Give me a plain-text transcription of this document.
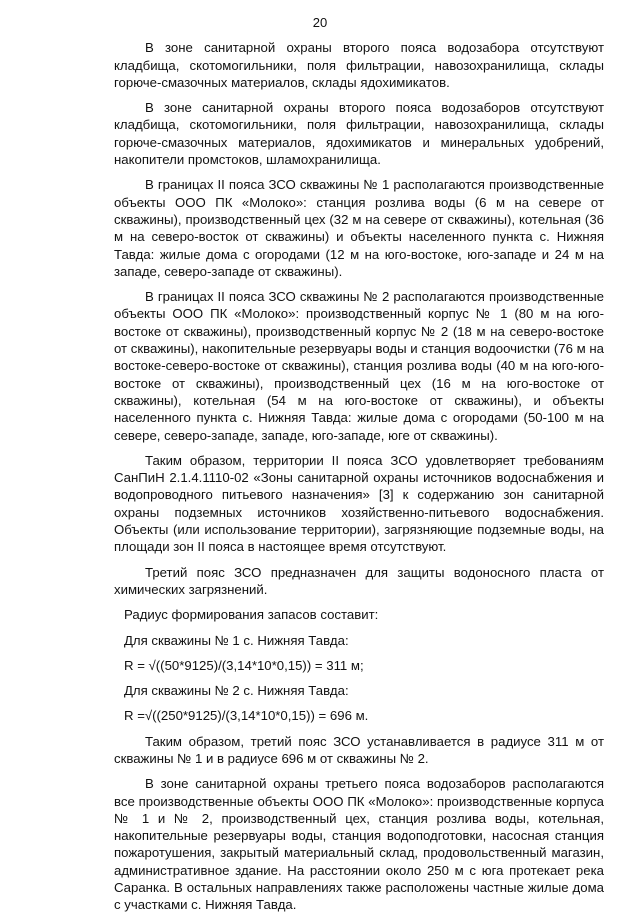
20

В зоне санитарной охраны второго пояса водозабора отсутствуют кладбища, скотомогильники, поля фильтрации, навозохранилища, склады горюче-смазочных материалов, склады ядохимикатов.

В зоне санитарной охраны второго пояса водозаборов отсутствуют кладбища, скотомогильники, поля фильтрации, навозохранилища, склады горюче-смазочных материалов, ядохимикатов и минеральных удобрений, накопители промстоков, шламохранилища.

В границах II пояса ЗСО скважины № 1 располагаются производственные объекты ООО ПК «Молоко»: станция розлива воды (6 м на севере от скважины), производственный цех (32 м на севере от скважины), котельная (36 м на северо-восток от скважины) и объекты населенного пункта с. Нижняя Тавда: жилые дома с огородами (12 м на юго-востоке, юго-западе и 24 м на западе, северо-западе от скважины).

В границах II пояса ЗСО скважины № 2 располагаются производственные объекты ООО ПК «Молоко»: производственный корпус № 1 (80 м на юго-востоке от скважины), производственный корпус № 2 (18 м на северо-востоке от скважины), накопительные резервуары воды и станция водоочистки (76 м на востоке-северо-востоке от скважины), станция розлива воды (40 м на юго-юго-востоке от скважины), производственный цех (16 м на юго-востоке от скважины), котельная (54 м на юго-востоке от скважины), и объекты населенного пункта с. Нижняя Тавда: жилые дома с огородами (50-100 м на севере, северо-западе, западе, юго-западе, юге от скважины).

Таким образом, территории II пояса ЗСО удовлетворяет требованиям СанПиН 2.1.4.1110-02 «Зоны санитарной охраны источников водоснабжения и водопроводного питьевого назначения» [3] к содержанию зон санитарной охраны подземных источников хозяйственно-питьевого водоснабжения. Объекты (или использование территории), загрязняющие подземные воды, на площади зон II пояса в настоящее время отсутствуют.

Третий пояс ЗСО предназначен для защиты водоносного пласта от химических загрязнений.

Радиус формирования запасов составит:

Для скважины № 1 с. Нижняя Тавда:

R = √((50*9125)/(3,14*10*0,15)) = 311 м;

Для скважины № 2 с. Нижняя Тавда:

R =√((250*9125)/(3,14*10*0,15)) = 696 м.

Таким образом, третий пояс ЗСО устанавливается в радиусе 311 м от скважины № 1 и в радиусе 696 м от скважины № 2.

В зоне санитарной охраны третьего пояса водозаборов располагаются все производственные объекты ООО ПК «Молоко»: производственные корпуса № 1 и № 2, производственный цех, станция розлива воды, котельная, накопительные резервуары воды, станция водоподготовки, насосная станция пожаротушения, закрытый материальный склад, продовольственный магазин, административное здание. На расстоянии около 250 м с юга протекает река Саранка. В остальных направлениях также расположены частные жилые дома с участками с. Нижняя Тавда.
